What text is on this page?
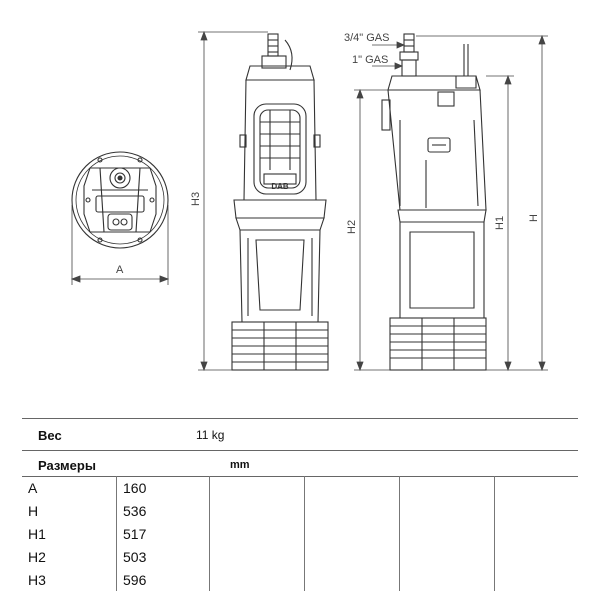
A
DAB
H3
3/4" GAS
1" GAS
H2	H1 H
Вес	11 kg
Размеры	mm
A	160				
H	536				
H1	517				
H2	503				
H3	596				
